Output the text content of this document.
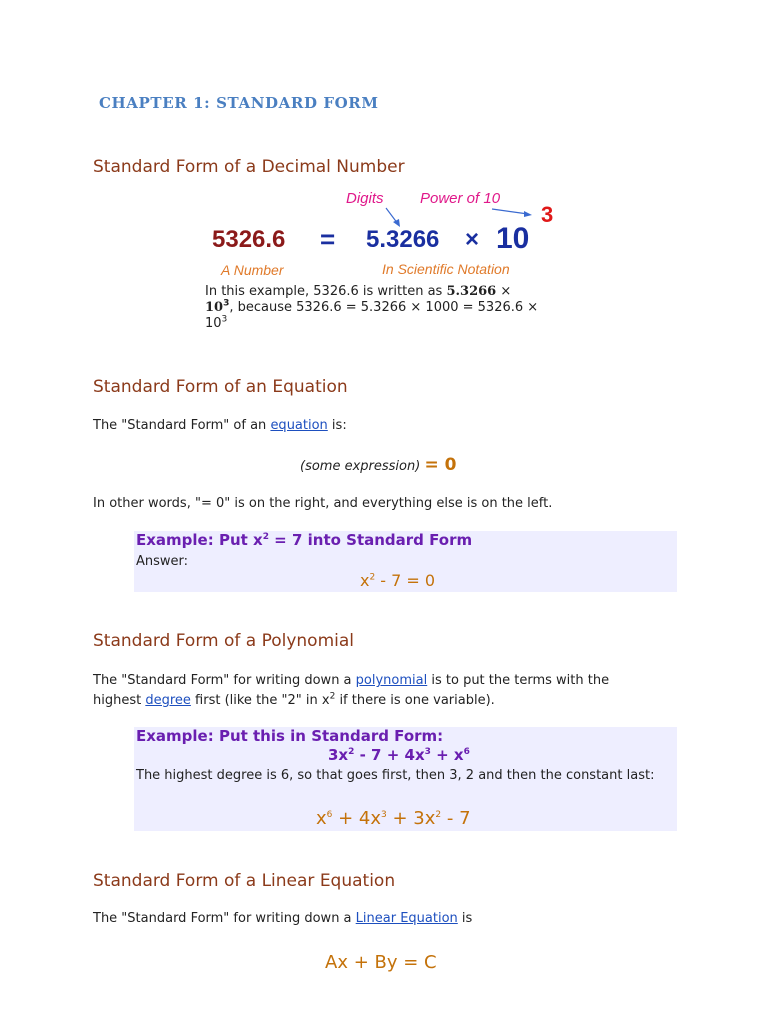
CHAPTER 1: STANDARD FORM
Standard Form of a Decimal Number
Digits Power of 10
3
5326.6 = 5.3266 × 10
A Number	In Scientific Notation
In this example, 5326.6 is written as 5.3266 ×
$10^3$, because 5326.6 = 5.3266 × 1000 = 5326.6 ×
$10^3$
Standard Form of an Equation
The "Standard Form" of an equation is:
(some expression) = 0
In other words, "= 0" is on the right, and everything else is on the left.
Example: Put $x^2 = 7$ into Standard Form
Answer:
$x^2 - 7 = 0$
Standard Form of a Polynomial
The "Standard Form" for writing down a polynomial is to put the terms with the
highest degree first (like the "2" in $x^2$ if there is one variable).
Example: Put this in Standard Form:
$3x^2 - 7 + 4x^3 + x^6$
The highest degree is 6, so that goes first, then 3, 2 and then the constant last:
$x^6 + 4x^3 + 3x^2 - 7$
Standard Form of a Linear Equation
The "Standard Form" for writing down a Linear Equation is
Ax + By = C
